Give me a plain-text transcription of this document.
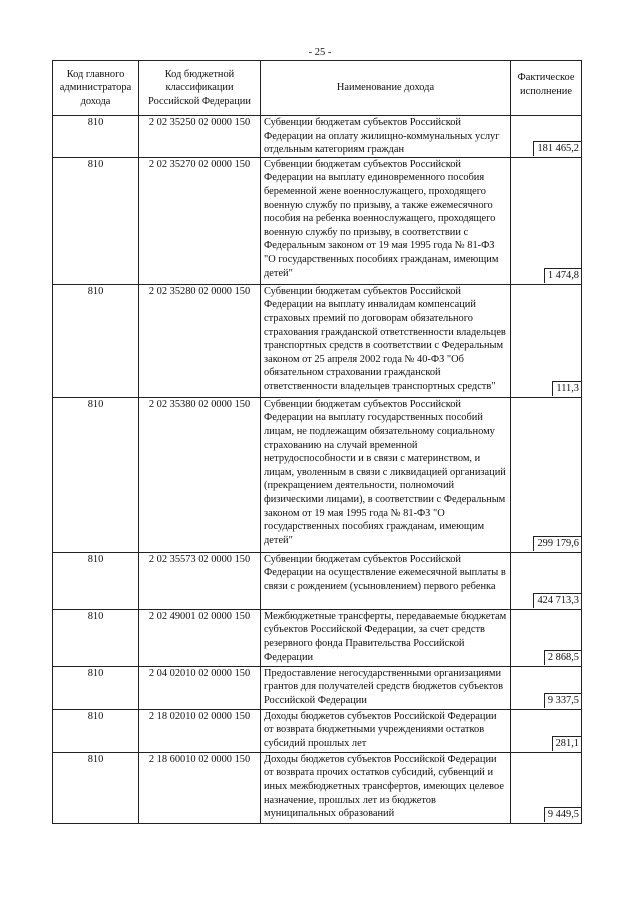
- 25 -
Код главного администратора дохода	Код бюджетной классификации Российской Федерации	Наименование дохода	Фактическое исполнение
810	2 02 35250 02 0000 150	Субвенции бюджетам субъектов Российской Федерации на оплату жилищно-коммунальных услуг отдельным категориям граждан	181 465,2
810	2 02 35270 02 0000 150	Субвенции бюджетам субъектов Российской Федерации на выплату единовременного пособия беременной жене военнослужащего, проходящего военную службу по призыву, а также ежемесячного пособия на ребенка военнослужащего, проходящего военную службу по призыву, в соответствии с Федеральным законом от 19 мая 1995 года № 81-ФЗ "О государственных пособиях гражданам, имеющим детей"	1 474,8
810	2 02 35280 02 0000 150	Субвенции бюджетам субъектов Российской Федерации на выплату инвалидам компенсаций страховых премий по договорам обязательного страхования гражданской ответственности владельцев транспортных средств в соответствии с Федеральным законом от 25 апреля 2002 года № 40-ФЗ "Об обязательном страховании гражданской ответственности владельцев транспортных средств"	111,3
810	2 02 35380 02 0000 150	Субвенции бюджетам субъектов Российской Федерации на выплату государственных пособий лицам, не подлежащим обязательному социальному страхованию на случай временной нетрудоспособности и в связи с материнством, и лицам, уволенным в связи с ликвидацией организаций (прекращением деятельности, полномочий физическими лицами), в соответствии с Федеральным законом от 19 мая 1995 года № 81-ФЗ "О государственных пособиях гражданам, имеющим детей"	299 179,6
810	2 02 35573 02 0000 150	Субвенции бюджетам субъектов Российской Федерации на осуществление ежемесячной выплаты в связи с рождением (усыновлением) первого ребенка	424 713,3
810	2 02 49001 02 0000 150	Межбюджетные трансферты, передаваемые бюджетам субъектов Российской Федерации, за счет средств резервного фонда Правительства Российской Федерации	2 868,5
810	2 04 02010 02 0000 150	Предоставление негосударственными организациями грантов для получателей средств бюджетов субъектов Российской Федерации	9 337,5
810	2 18 02010 02 0000 150	Доходы бюджетов субъектов Российской Федерации от возврата бюджетными учреждениями остатков субсидий прошлых лет	281,1
810	2 18 60010 02 0000 150	Доходы бюджетов субъектов Российской Федерации от возврата прочих остатков субсидий, субвенций и иных межбюджетных трансфертов, имеющих целевое назначение, прошлых лет из бюджетов муниципальных образований	9 449,5
